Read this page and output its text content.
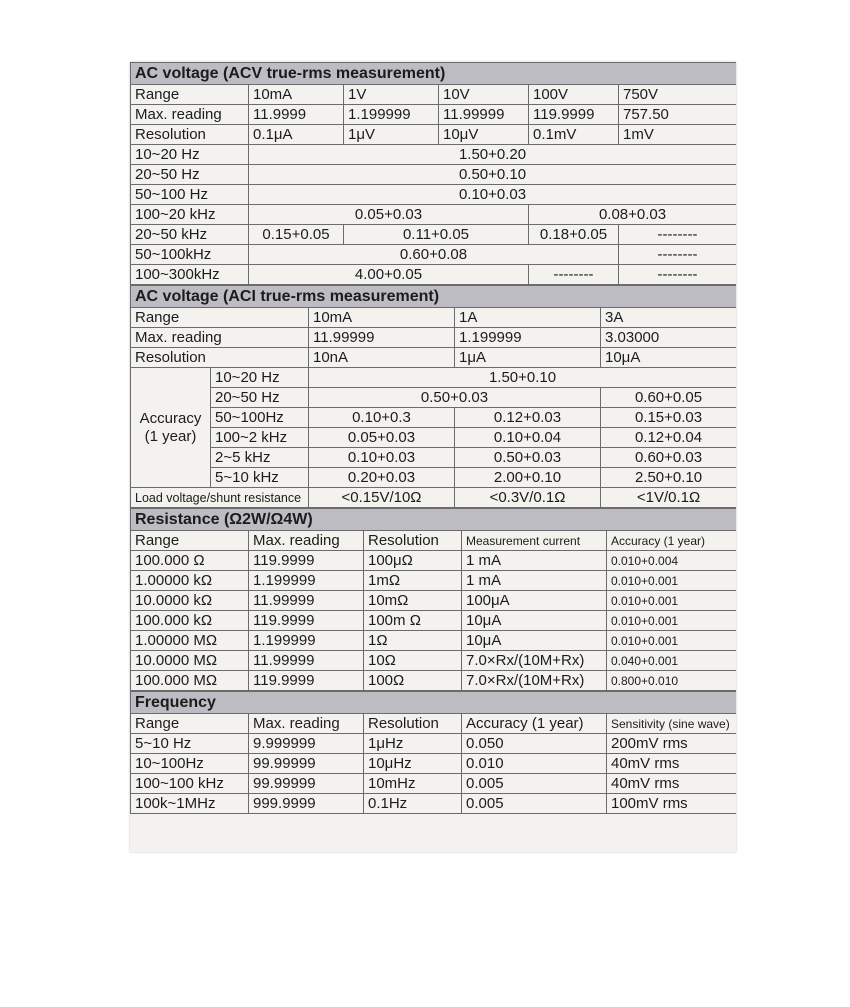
AC voltage (ACV true-rms measurement)					
Range	10mA	1V	10V	100V	750V
Max. reading	11.9999	1.199999	11.99999	119.9999	757.50
Resolution	0.1μA	1μV	10μV	0.1mV	1mV
10~20 Hz	1.50+0.20				
20~50 Hz	0.50+0.10				
50~100 Hz	0.10+0.03				
100~20 kHz	0.05+0.03			0.08+0.03	
20~50 kHz	0.15+0.05	0.11+0.05		0.18+0.05	--------
50~100kHz	0.60+0.08				--------
100~300kHz	4.00+0.05			--------	--------
AC voltage (ACI true-rms measurement)				
Range		10mA	1A	3A
Max. reading		11.99999	1.199999	3.03000
Resolution		10nA	1μA	10μA

Accuracy
(1 year)	10~20 Hz	1.50+0.10		
	20~50 Hz	0.50+0.03		0.60+0.05
	50~100Hz	0.10+0.3	0.12+0.03	0.15+0.03
	100~2 kHz	0.05+0.03	0.10+0.04	0.12+0.04
	2~5 kHz	0.10+0.03	0.50+0.03	0.60+0.03
	5~10 kHz	0.20+0.03	2.00+0.10	2.50+0.10
Load voltage/shunt resistance		<0.15V/10Ω	<0.3V/0.1Ω	<1V/0.1Ω
Resistance (Ω2W/Ω4W)				
Range	Max. reading	Resolution	Measurement current	Accuracy (1 year)
100.000 Ω	119.9999	100μΩ	1 mA	0.010+0.004
1.00000 kΩ	1.199999	1mΩ	1 mA	0.010+0.001
10.0000 kΩ	11.99999	10mΩ	100μA	0.010+0.001
100.000 kΩ	119.9999	100m Ω	10μA	0.010+0.001
1.00000 MΩ	1.199999	1Ω	10μA	0.010+0.001
10.0000 MΩ	11.99999	10Ω	7.0×Rx/(10M+Rx)	0.040+0.001
100.000 MΩ	119.9999	100Ω	7.0×Rx/(10M+Rx)	0.800+0.010
Frequency				
Range	Max. reading	Resolution	Accuracy (1 year)	Sensitivity (sine wave)
5~10 Hz	9.999999	1μHz	0.050	200mV rms
10~100Hz	99.99999	10μHz	0.010	40mV rms
100~100 kHz	99.99999	10mHz	0.005	40mV rms
100k~1MHz	999.9999	0.1Hz	0.005	100mV rms
